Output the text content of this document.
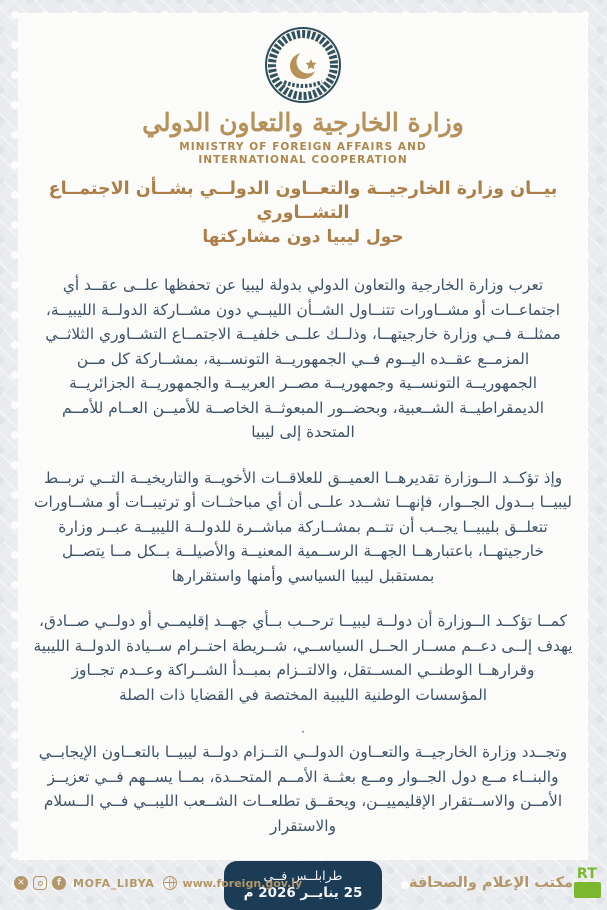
وزارة الخارجية والتعاون الدولي
MINISTRY OF FOREIGN AFFAIRS AND
INTERNATIONAL COOPERATION
بيــان وزارة الخارجيــة والتعــاون الدولــي بشــأن الاجتمــاع التشــاوري
حول ليبيا دون مشاركتها
تعرب وزارة الخارجية والتعاون الدولي بدولة ليبيا عن تحفظها علــى عقــد أي
اجتماعــات أو مشــاورات تتنــاول الشــأن الليبــي دون مشــاركة الدولــة الليبيــة،
ممثلــة فــي وزارة خارجيتهــا، وذلــك علــى خلفيــة الاجتمــاع التشــاوري الثلاثــي
المزمــع عقــده اليــوم فــي الجمهوريــة التونســية، بمشــاركة كل مــن
الجمهوريــة التونســية وجمهوريــة مصــر العربيــة والجمهوريــة الجزائريــة
الديمقراطيــة الشــعبية، وبحضــور المبعوثــة الخاصــة للأميــن العــام للأمــم
المتحدة إلى ليبيا
وإذ تؤكــد الــوزارة تقديرهــا العميــق للعلاقــات الأخويــة والتاريخيــة التــي تربــط
ليبيــا بــدول الجــوار، فإنهــا تشــدد علــى أن أي مباحثــات أو ترتيبــات أو مشــاورات
تتعلــق بليبيــا يجــب أن تتــم بمشــاركة مباشــرة للدولــة الليبيــة عبــر وزارة
خارجيتهــا، باعتبارهــا الجهــة الرســمية المعنيــة والأصيلــة بــكل مــا يتصــل
بمستقبل ليبيا السياسي وأمنها واستقرارها
كمــا تؤكــد الــوزارة أن دولــة ليبيــا ترحــب بــأي جهــد إقليمــي أو دولــي صــادق،
يهدف إلــى دعــم مســار الحــل السياســي، شــريطة احتــرام ســيادة الدولــة الليبية
وقرارهــا الوطنــي المســتقل، والالتــزام بمبــدأ الشــراكة وعــدم تجــاوز
المؤسسات الوطنية الليبية المختصة في القضايا ذات الصلة
·
وتجــدد وزارة الخارجيــة والتعــاون الدولــي التــزام دولــة ليبيــا بالتعــاون الإيجابــي
والبنــاء مــع دول الجــوار ومــع بعثــة الأمــم المتحــدة، بمــا يســهم فــي تعزيــز
الأمــن والاســتقرار الإقليمييــن، ويحقــق تطلعــات الشــعب الليبــي فــي الــسلام
والاستقرار
طرابلــس فــي
25 ينايــر 2026 م
✕	f	MOFA_LIBYA	www.foreign.gov.ly	مكتب الإعلام والصحافة
RT
